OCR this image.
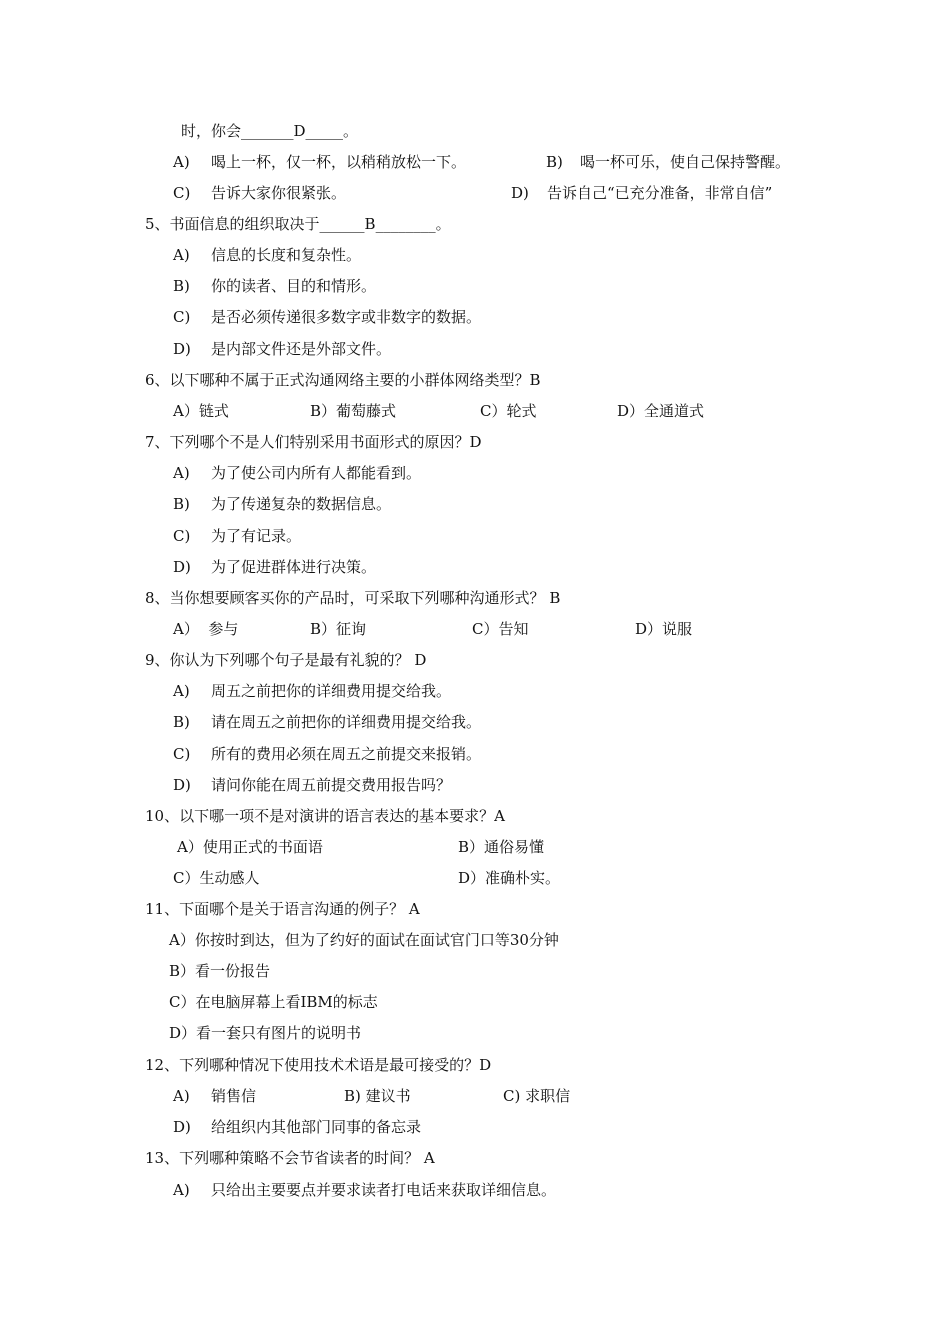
时，你会_______D_____。
A) 喝上一杯，仅一杯，以稍稍放松一下。	B) 喝一杯可乐，使自己保持警醒。
C) 告诉大家你很紧张。	D) 告诉自己“已充分准备，非常自信”
5、书面信息的组织取决于______B________。
A) 信息的长度和复杂性。
B) 你的读者、目的和情形。
C) 是否必须传递很多数字或非数字的数据。
D) 是内部文件还是外部文件。
6、以下哪种不属于正式沟通网络主要的小群体网络类型？B
A）链式	B）葡萄藤式	C）轮式	D）全通道式
7、下列哪个不是人们特别采用书面形式的原因？D
A) 为了使公司内所有人都能看到。
B) 为了传递复杂的数据信息。
C) 为了有记录。
D) 为了促进群体进行决策。
8、当你想要顾客买你的产品时，可采取下列哪种沟通形式？ B
A）  参与	B）征询	C）告知	D）说服
9、你认为下列哪个句子是最有礼貌的？ D
A) 周五之前把你的详细费用提交给我。
B) 请在周五之前把你的详细费用提交给我。
C) 所有的费用必须在周五之前提交来报销。
D) 请问你能在周五前提交费用报告吗？
10、以下哪一项不是对演讲的语言表达的基本要求？A
A）使用正式的书面语	B）通俗易懂
C）生动感人	D）准确朴实。
11、下面哪个是关于语言沟通的例子？ A
A）你按时到达，但为了约好的面试在面试官门口等30分钟
B）看一份报告
C）在电脑屏幕上看IBM的标志
D）看一套只有图片的说明书
12、下列哪种情况下使用技术术语是最可接受的？D
A) 销售信	B) 建议书	C) 求职信
D) 给组织内其他部门同事的备忘录
13、下列哪种策略不会节省读者的时间？ A
A) 只给出主要要点并要求读者打电话来获取详细信息。
